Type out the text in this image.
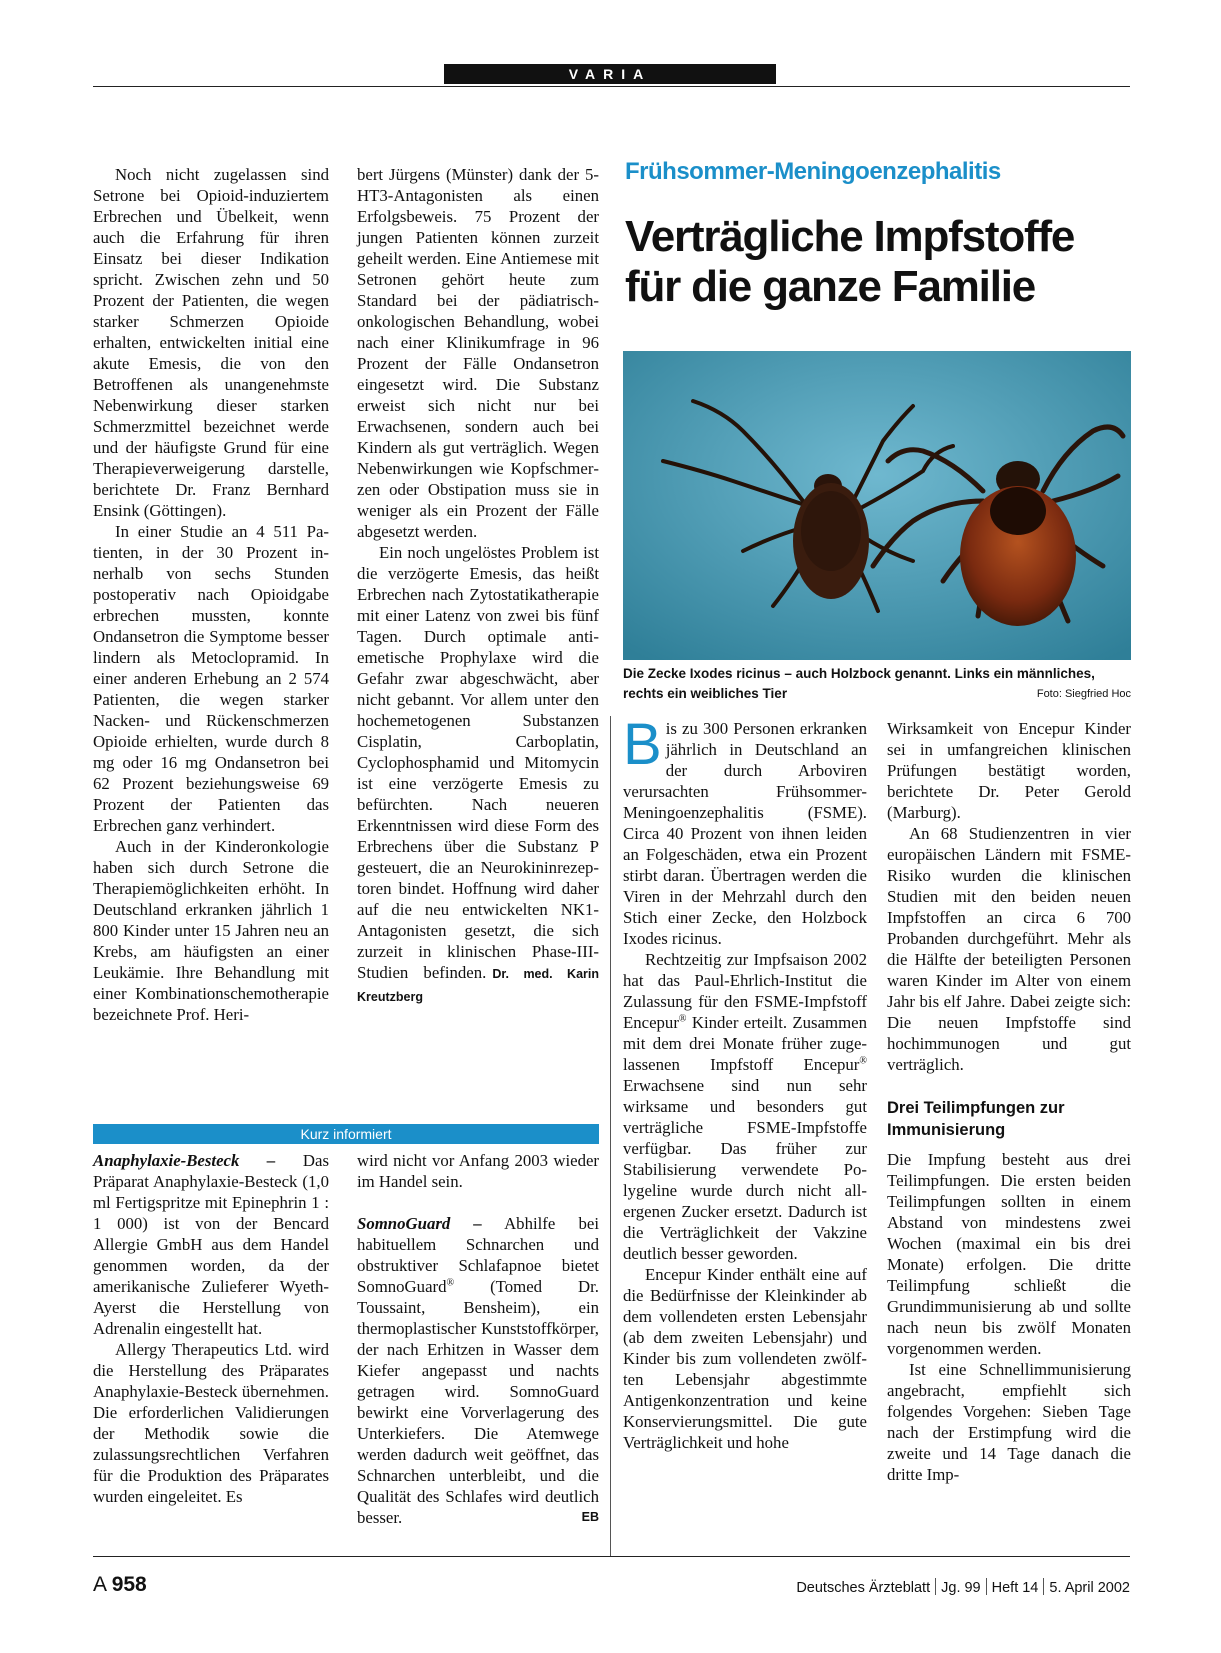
VARIA

Noch nicht zugelassen sind Setrone bei Opioid-induziertem Erbrechen und Übelkeit, wenn auch die Erfahrung für ihren Einsatz bei dieser Indikation spricht. Zwischen zehn und 50 Prozent der Patienten, die wegen starker Schmerzen Opioide erhalten, entwickelten initial eine akute Emesis, die von den Betroffenen als unangenehmste Nebenwirkung dieser starken Schmerzmittel bezeichnet werde und der häufigste Grund für eine Therapieverweigerung darstelle, berichtete Dr. Franz Bernhard Ensink (Göttingen).

In einer Studie an 4 511 Patienten, in der 30 Prozent innerhalb von sechs Stunden postoperativ nach Opioidgabe erbrechen mussten, konnte Ondansetron die Symptome besser lindern als Metoclopramid. In einer anderen Erhebung an 2 574 Patienten, die wegen starker Nacken- und Rückenschmerzen Opioide erhielten, wurde durch 8 mg oder 16 mg Ondansetron bei 62 Prozent beziehungsweise 69 Prozent der Patienten das Erbrechen ganz verhindert.

Auch in der Kinderonkologie haben sich durch Setrone die Therapiemöglichkeiten erhöht. In Deutschland erkranken jährlich 1 800 Kinder unter 15 Jahren neu an Krebs, am häufigsten an einer Leukämie. Ihre Behandlung mit einer Kombinationschemotherapie bezeichnete Prof. Heri-

bert Jürgens (Münster) dank der 5-HT3-Antagonisten als einen Erfolgsbeweis. 75 Prozent der jungen Patienten können zurzeit geheilt werden. Eine Antiemese mit Setronen gehört heute zum Standard bei der pädiatrisch-onkologischen Behandlung, wobei nach einer Klinikumfrage in 96 Prozent der Fälle Ondansetron eingesetzt wird. Die Substanz erweist sich nicht nur bei Erwachsenen, sondern auch bei Kindern als gut verträglich. Wegen Nebenwirkungen wie Kopfschmerzen oder Obstipation muss sie in weniger als ein Prozent der Fälle abgesetzt werden.

Ein noch ungelöstes Problem ist die verzögerte Emesis, das heißt Erbrechen nach Zytostatikatherapie mit einer Latenz von zwei bis fünf Tagen. Durch optimale antiemetische Prophylaxe wird die Gefahr zwar abgeschwächt, aber nicht gebannt. Vor allem unter den hochemetogenen Substanzen Cisplatin, Carboplatin, Cyclophosphamid und Mitomycin ist eine verzögerte Emesis zu befürchten. Nach neueren Erkenntnissen wird diese Form des Erbrechens über die Substanz P gesteuert, die an Neurokininrezeptoren bindet. Hoffnung wird daher auf die neu entwickelten NK1-Antagonisten gesetzt, die sich zurzeit in klinischen Phase-III-Studien befinden. Dr. med. Karin Kreutzberg

Kurz informiert

Anaphylaxie-Besteck – Das Präparat Anaphylaxie-Besteck (1,0 ml Fertigspritze mit Epinephrin 1 : 1 000) ist von der Bencard Allergie GmbH aus dem Handel genommen worden, da der amerikanische Zulieferer Wyeth-Ayerst die Herstellung von Adrenalin eingestellt hat.

Allergy Therapeutics Ltd. wird die Herstellung des Präparates Anaphylaxie-Besteck übernehmen. Die erforderlichen Validierungen der Methodik sowie die zulassungsrechtlichen Verfahren für die Produktion des Präparates wurden eingeleitet. Es

wird nicht vor Anfang 2003 wieder im Handel sein.

SomnoGuard – Abhilfe bei habituellem Schnarchen und obstruktiver Schlafapnoe bietet SomnoGuard® (Tomed Dr. Toussaint, Bensheim), ein thermoplastischer Kunststoffkörper, der nach Erhitzen in Wasser dem Kiefer angepasst und nachts getragen wird. SomnoGuard bewirkt eine Vorverlagerung des Unterkiefers. Die Atemwege werden dadurch weit geöffnet, das Schnarchen unterbleibt, und die Qualität des Schlafes wird deutlich besser.	EB

Frühsommer-Meningoenzephalitis
Verträgliche Impfstoffe
für die ganze Familie
Die Zecke Ixodes ricinus – auch Holzbock genannt. Links ein männliches, rechts ein weibliches Tier	Foto: Siegfried Hoc

Bis zu 300 Personen erkranken jährlich in Deutschland an der durch Arboviren verursachten Frühsommer-Meningoenzephalitis (FSME). Circa 40 Prozent von ihnen leiden an Folgeschäden, etwa ein Prozent stirbt daran. Übertragen werden die Viren in der Mehrzahl durch den Stich einer Zecke, den Holzbock Ixodes ricinus.

Rechtzeitig zur Impfsaison 2002 hat das Paul-Ehrlich-Institut die Zulassung für den FSME-Impfstoff Encepur® Kinder erteilt. Zusammen mit dem drei Monate früher zugelassenen Impfstoff Encepur® Erwachsene sind nun sehr wirksame und besonders gut verträgliche FSME-Impfstoffe verfügbar. Das früher zur Stabilisierung verwendete Polygeline wurde durch nicht allergenen Zucker ersetzt. Dadurch ist die Verträglichkeit der Vakzine deutlich besser geworden.

Encepur Kinder enthält eine auf die Bedürfnisse der Kleinkinder ab dem vollendeten ersten Lebensjahr (ab dem zweiten Lebensjahr) und Kinder bis zum vollendeten zwölften Lebensjahr abgestimmte Antigenkonzentration und keine Konservierungsmittel. Die gute Verträglichkeit und hohe

Wirksamkeit von Encepur Kinder sei in umfangreichen klinischen Prüfungen bestätigt worden, berichtete Dr. Peter Gerold (Marburg).

An 68 Studienzentren in vier europäischen Ländern mit FSME-Risiko wurden die klinischen Studien mit den beiden neuen Impfstoffen an circa 6 700 Probanden durchgeführt. Mehr als die Hälfte der beteiligten Personen waren Kinder im Alter von einem Jahr bis elf Jahre. Dabei zeigte sich: Die neuen Impfstoffe sind hochimmunogen und gut verträglich.

Drei Teilimpfungen zur Immunisierung

Die Impfung besteht aus drei Teilimpfungen. Die ersten beiden Teilimpfungen sollten in einem Abstand von mindestens zwei Wochen (maximal ein bis drei Monate) erfolgen. Die dritte Teilimpfung schließt die Grundimmunisierung ab und sollte nach neun bis zwölf Monaten vorgenommen werden.

Ist eine Schnellimmunisierung angebracht, empfiehlt sich folgendes Vorgehen: Sieben Tage nach der Erstimpfung wird die zweite und 14 Tage danach die dritte Imp-

A 958	Deutsches Ärzteblatt Jg. 99 Heft 14 5. April 2002
